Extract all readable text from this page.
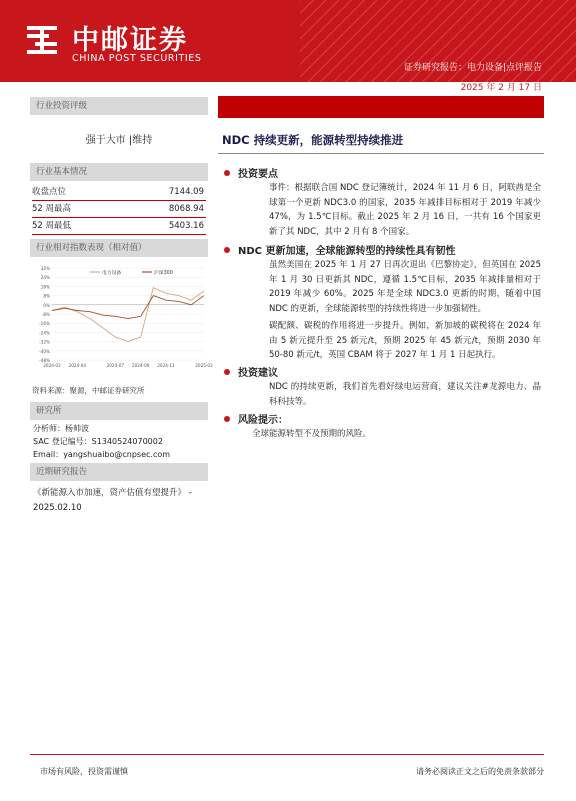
中邮证券
CHINA POST SECURITIES
证券研究报告：电力设备|点评报告
2025 年 2 月 17 日
行业投资评级
强于大市 |维持
行业基本情况
收盘点位	7144.09
52 周最高	8068.94
52 周最低	5403.16
行业相对指数表现（相对值）
32%
24%
16%
8%
0%
-8%
-16%
-24%
-32%
-40%
-48%
2024-02 2024-04	2024-07 2024-09 2024-11	2025-02
电力设备	沪深300
资料来源：聚源，中邮证券研究所
研究所
分析师：杨帅波
SAC 登记编号：S1340524070002
Email：yangshuaibo@cnpsec.com
近期研究报告
《新能源入市加速，资产估值有望提升》 - 2025.02.10
NDC 持续更新，能源转型持续推进
投资要点
事件：根据联合国 NDC 登记簿统计，2024 年 11 月 6 日，阿联酋是全球第一个更新 NDC3.0 的国家，2035 年减排目标相对于 2019 年减少 47%，为 1.5℃目标。截止 2025 年 2 月 16 日，一共有 16 个国家更新了其 NDC，其中 2 月有 8 个国家。
NDC 更新加速，全球能源转型的持续性具有韧性
虽然美国在 2025 年 1 月 27 日再次退出《巴黎协定》，但英国在 2025 年 1 月 30 日更新其 NDC，遵循 1.5℃目标，2035 年减排量相对于 2019 年减少 60%。2025 年是全球 NDC3.0 更新的时期，随着中国 NDC 的更新，全球能源转型的持续性将进一步加强韧性。
碳配额、碳税的作用将进一步提升。例如，新加坡的碳税将在 2024 年由 5 新元提升至 25 新元/t，预期 2025 年 45 新元/t，预期 2030 年 50-80 新元/t，英国 CBAM 将于 2027 年 1 月 1 日起执行。
投资建议
NDC 的持续更新，我们首先看好绿电运营商，建议关注#龙源电力、晶科科技等。
风险提示：
全球能源转型不及预期的风险。
市场有风险，投资需谨慎	请务必阅读正文之后的免责条款部分
